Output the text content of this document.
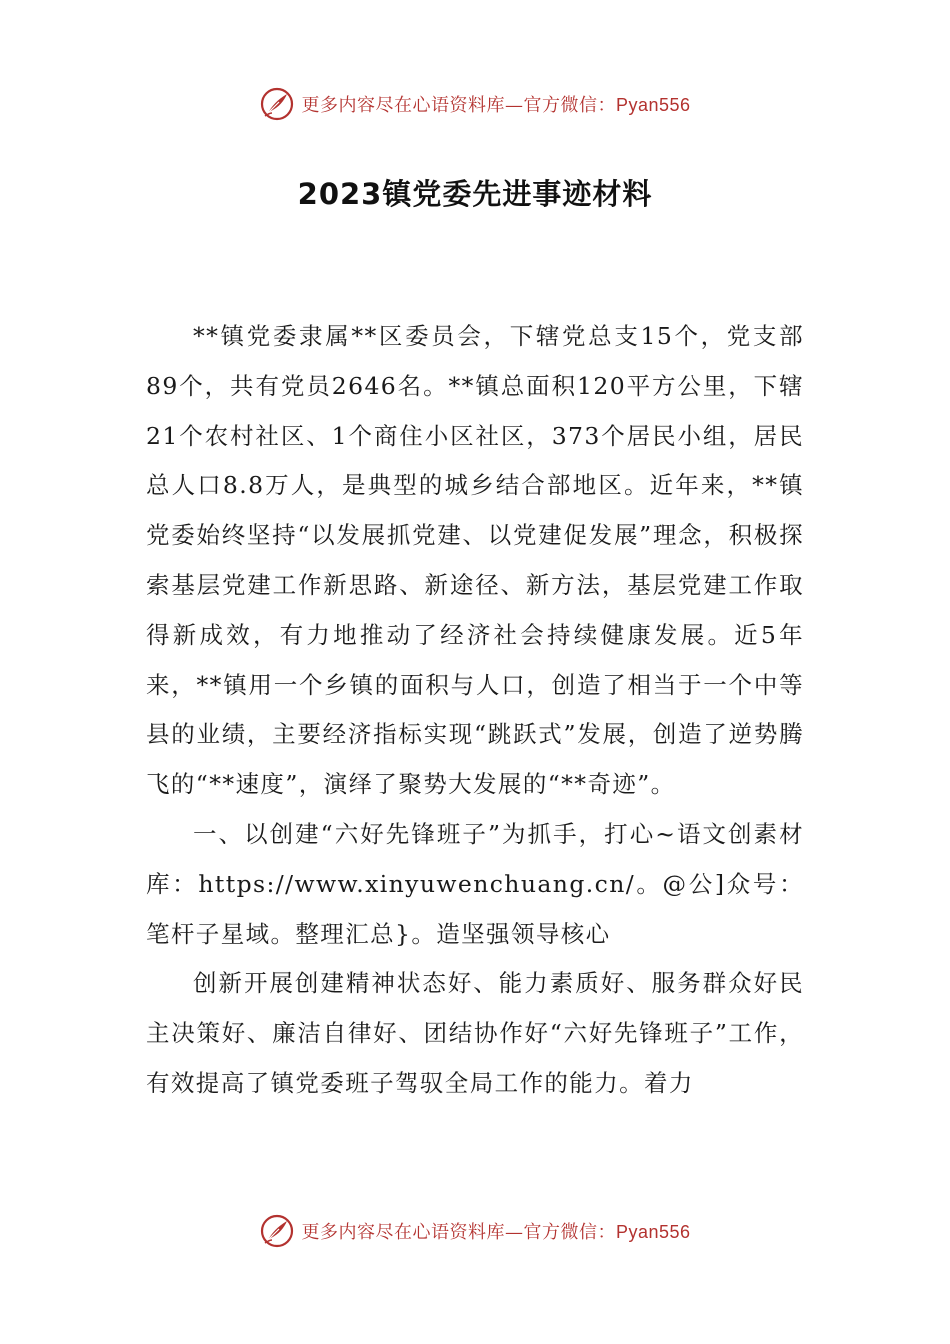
更多内容尽在心语资料库—官方微信：Pyan556
2023镇党委先进事迹材料

**镇党委隶属**区委员会，下辖党总支15个，党支部89个，共有党员2646名。**镇总面积120平方公里，下辖21个农村社区、1个商住小区社区，373个居民小组，居民总人口8.8万人，是典型的城乡结合部地区。近年来，**镇党委始终坚持“以发展抓党建、以党建促发展”理念，积极探索基层党建工作新思路、新途径、新方法，基层党建工作取得新成效，有力地推动了经济社会持续健康发展。近5年来，**镇用一个乡镇的面积与人口，创造了相当于一个中等县的业绩，主要经济指标实现“跳跃式”发展，创造了逆势腾飞的“**速度”，演绎了聚势大发展的“**奇迹”。

一、以创建“六好先锋班子”为抓手，打心~语文创素材库：https://www.xinyuwenchuang.cn/。@公]众号：笔杆子星域。整理汇总}。造坚强领导核心

创新开展创建精神状态好、能力素质好、服务群众好民主决策好、廉洁自律好、团结协作好“六好先锋班子”工作，有效提高了镇党委班子驾驭全局工作的能力。着力

更多内容尽在心语资料库—官方微信：Pyan556
